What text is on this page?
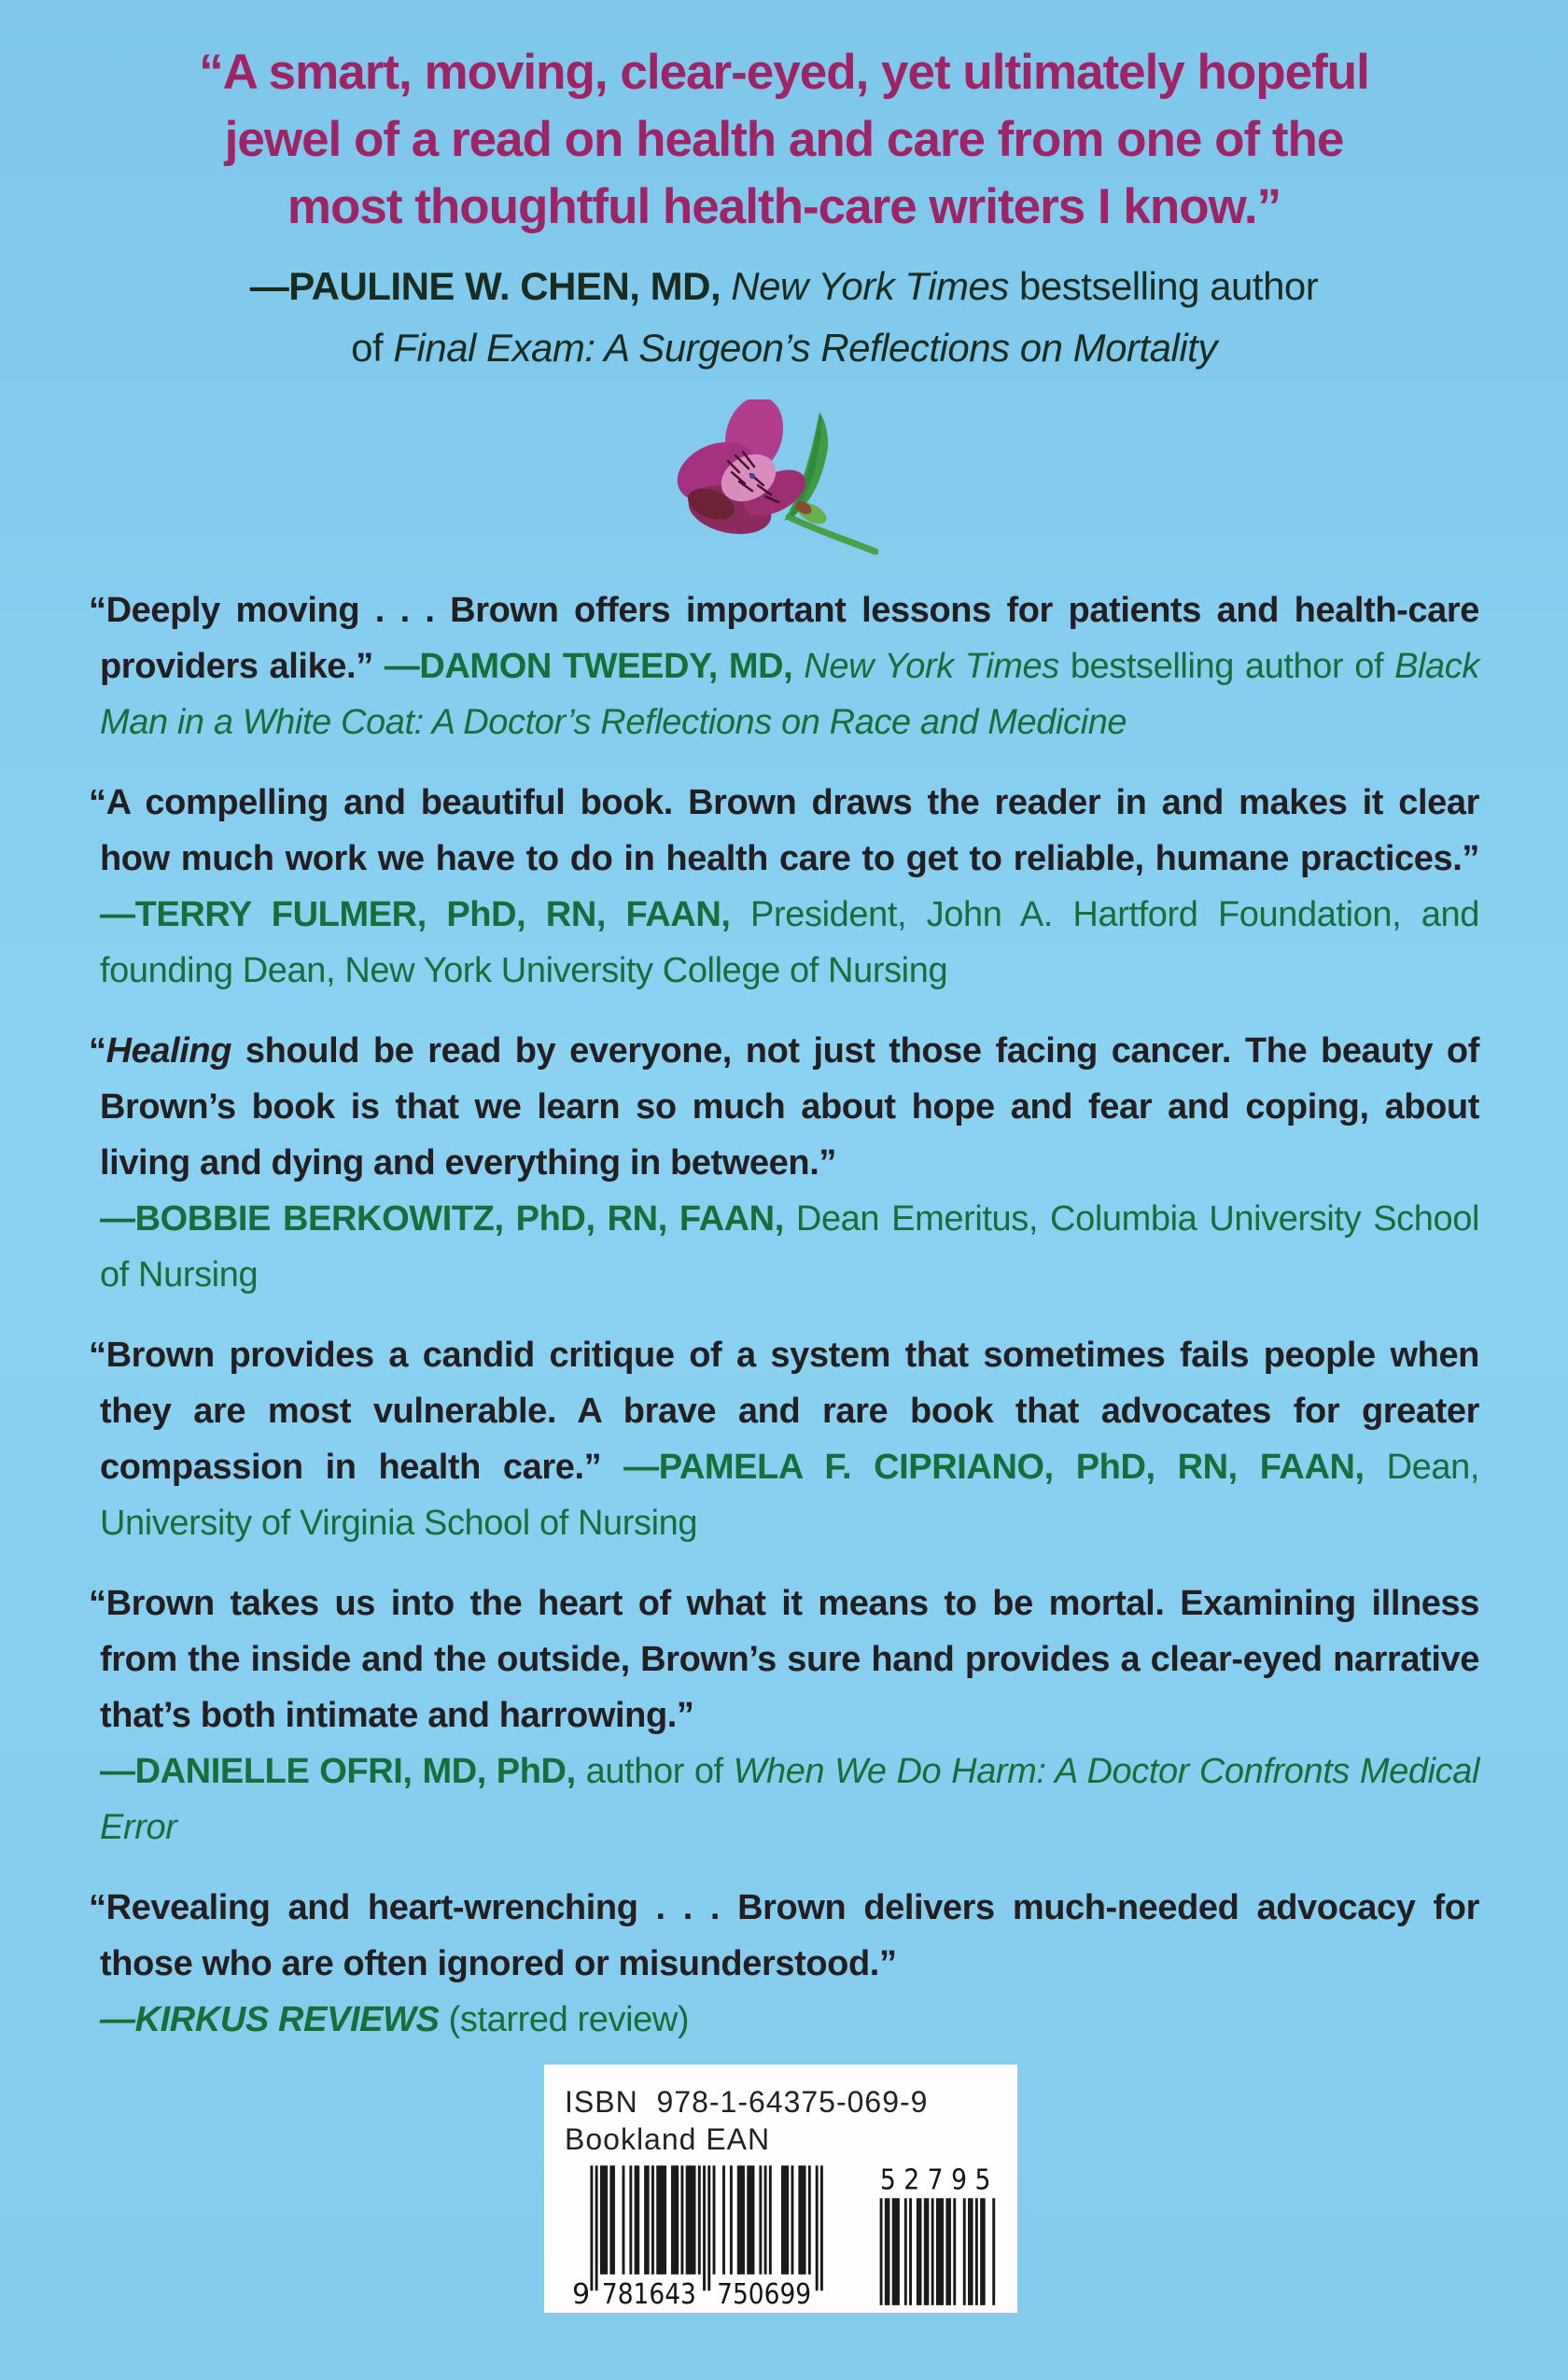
“A smart, moving, clear-eyed, yet ultimately hopeful
jewel of a read on health and care from one of the
most thoughtful health-care writers I know.”
—PAULINE W. CHEN, MD, New York Times bestselling author
of Final Exam: A Surgeon’s Reflections on Mortality

“Deeply moving . . . Brown offers important lessons for patients and health-care providers alike.” —DAMON TWEEDY, MD, New York Times bestselling author of Black Man in a White Coat: A Doctor’s Reflections on Race and Medicine

“A compelling and beautiful book. Brown draws the reader in and makes it clear how much work we have to do in health care to get to reliable, humane practices.” —TERRY FULMER, PhD, RN, FAAN, President, John A. Hartford Foundation, and founding Dean, New York University College of Nursing

“Healing should be read by everyone, not just those facing cancer. The beauty of Brown’s book is that we learn so much about hope and fear and coping, about living and dying and everything in between.”
—BOBBIE BERKOWITZ, PhD, RN, FAAN, Dean Emeritus, Columbia University School of Nursing

“Brown provides a candid critique of a system that sometimes fails people when they are most vulnerable. A brave and rare book that advocates for greater compassion in health care.” —PAMELA F. CIPRIANO, PhD, RN, FAAN, Dean, University of Virginia School of Nursing

“Brown takes us into the heart of what it means to be mortal. Examining illness from the inside and the outside, Brown’s sure hand provides a clear-eyed narrative that’s both intimate and harrowing.”
—DANIELLE OFRI, MD, PhD, author of When We Do Harm: A Doctor Confronts Medical Error

“Revealing and heart-wrenching . . . Brown delivers much-needed advocacy for those who are often ignored or misunderstood.”
—KIRKUS REVIEWS (starred review)

ISBN 978-1-64375-069-9
Bookland EAN
9 781643 750699
5 2 7 9 5
